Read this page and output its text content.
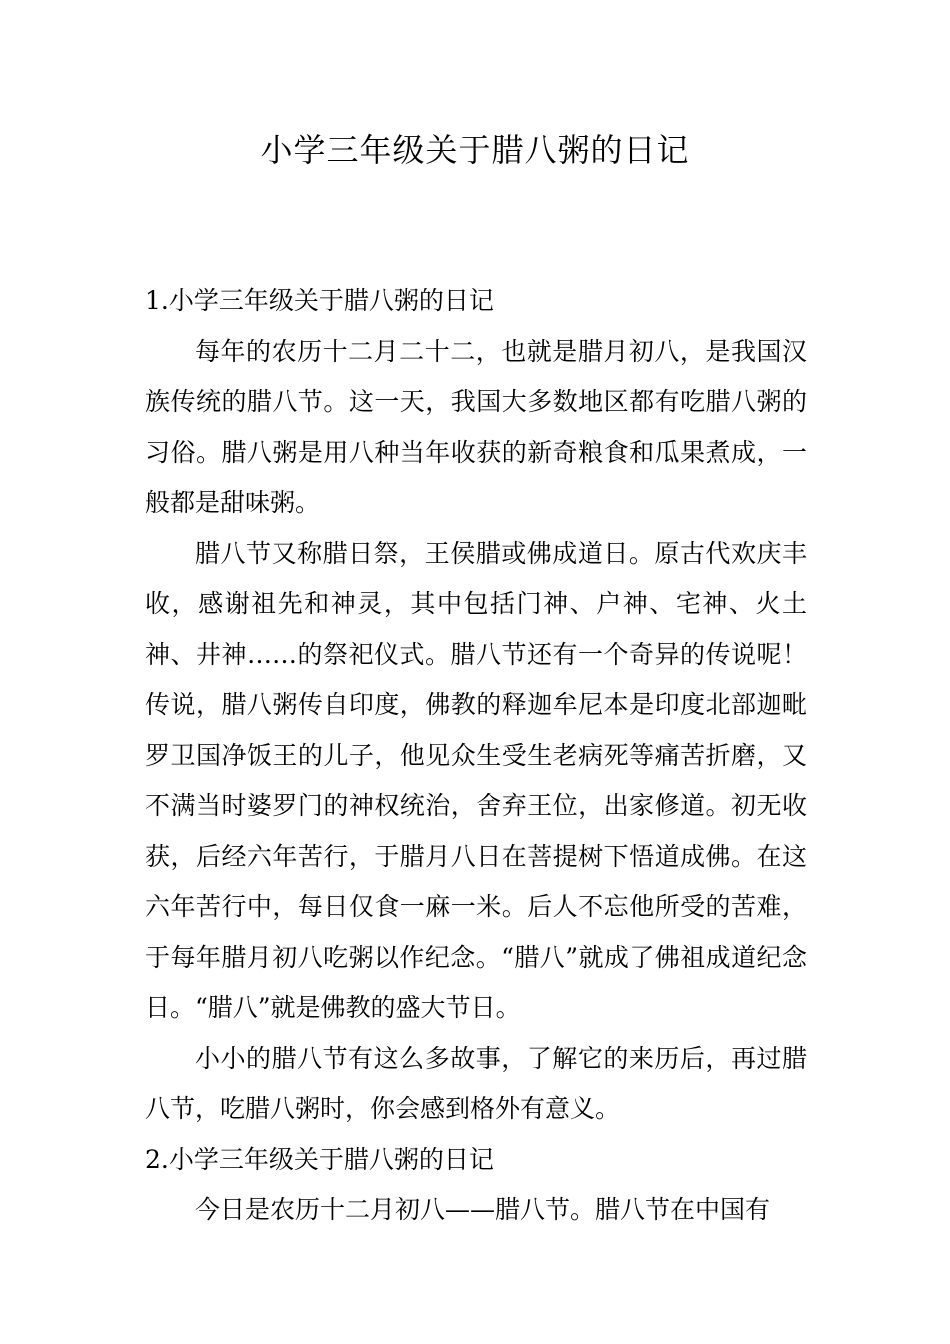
小学三年级关于腊八粥的日记
1.小学三年级关于腊八粥的日记

每年的农历十二月二十二，也就是腊月初八，是我国汉族传统的腊八节。这一天，我国大多数地区都有吃腊八粥的习俗。腊八粥是用八种当年收获的新奇粮食和瓜果煮成，一般都是甜味粥。

腊八节又称腊日祭，王侯腊或佛成道日。原古代欢庆丰收，感谢祖先和神灵，其中包括门神、户神、宅神、火土神、井神……的祭祀仪式。腊八节还有一个奇异的传说呢！传说，腊八粥传自印度，佛教的释迦牟尼本是印度北部迦毗罗卫国净饭王的儿子，他见众生受生老病死等痛苦折磨，又不满当时婆罗门的神权统治，舍弃王位，出家修道。初无收获，后经六年苦行，于腊月八日在菩提树下悟道成佛。在这六年苦行中，每日仅食一麻一米。后人不忘他所受的苦难，于每年腊月初八吃粥以作纪念。“腊八”就成了佛祖成道纪念日。“腊八”就是佛教的盛大节日。

小小的腊八节有这么多故事，了解它的来历后，再过腊八节，吃腊八粥时，你会感到格外有意义。

2.小学三年级关于腊八粥的日记

今日是农历十二月初八——腊八节。腊八节在中国有
